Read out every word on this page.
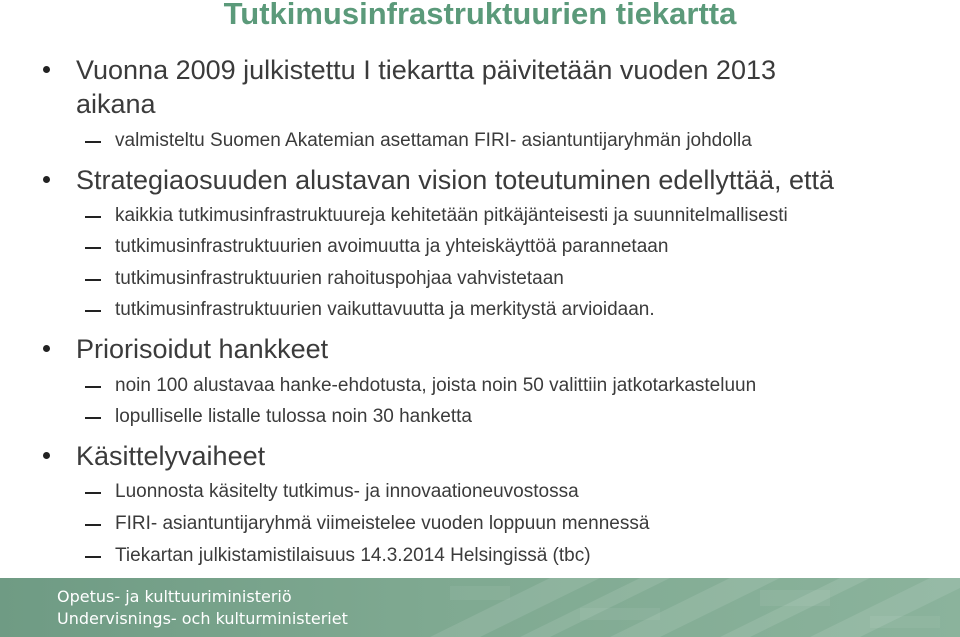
Tutkimusinfrastruktuurien tiekartta
Vuonna 2009 julkistettu I tiekartta päivitetään vuoden 2013
aikana
valmisteltu Suomen Akatemian asettaman FIRI- asiantuntijaryhmän johdolla
Strategiaosuuden alustavan vision toteutuminen edellyttää, että
kaikkia tutkimusinfrastruktuureja kehitetään pitkäjänteisesti ja suunnitelmallisesti
tutkimusinfrastruktuurien avoimuutta ja yhteiskäyttöä parannetaan
tutkimusinfrastruktuurien rahoituspohjaa vahvistetaan
tutkimusinfrastruktuurien vaikuttavuutta ja merkitystä arvioidaan.
Priorisoidut hankkeet
noin 100 alustavaa hanke-ehdotusta, joista noin 50 valittiin jatkotarkasteluun
lopulliselle listalle tulossa noin 30 hanketta
Käsittelyvaiheet
Luonnosta käsitelty tutkimus- ja innovaationeuvostossa
FIRI- asiantuntijaryhmä viimeistelee vuoden loppuun mennessä
Tiekartan julkistamistilaisuus 14.3.2014 Helsingissä (tbc)
Opetus- ja kulttuuriministeriö
Undervisnings- och kulturministeriet
